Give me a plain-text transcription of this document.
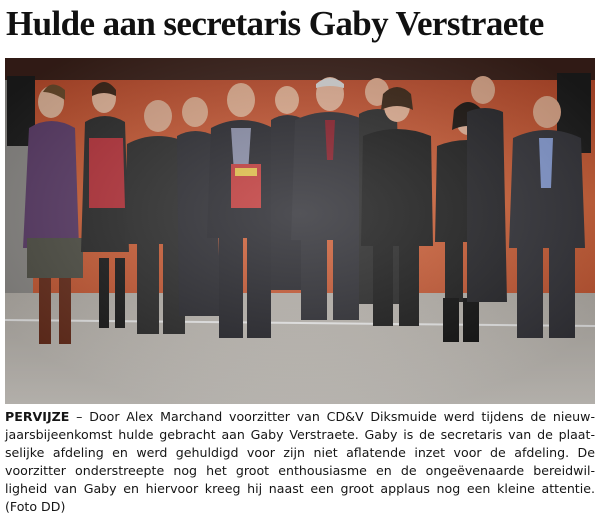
Hulde aan secretaris Gaby Verstraete
PERVIJZE – Door Alex Marchand voorzitter van CD&V Diksmuide werd tijdens de nieuw-
jaarsbijeenkomst hulde gebracht aan Gaby Verstraete. Gaby is de secretaris van de plaat-
selijke afdeling en werd gehuldigd voor zijn niet aflatende inzet voor de afdeling. De
voorzitter onderstreepte nog het groot enthousiasme en de ongeëvenaarde bereidwil-
ligheid van Gaby en hiervoor kreeg hij naast een groot applaus nog een kleine attentie.
(Foto DD)
